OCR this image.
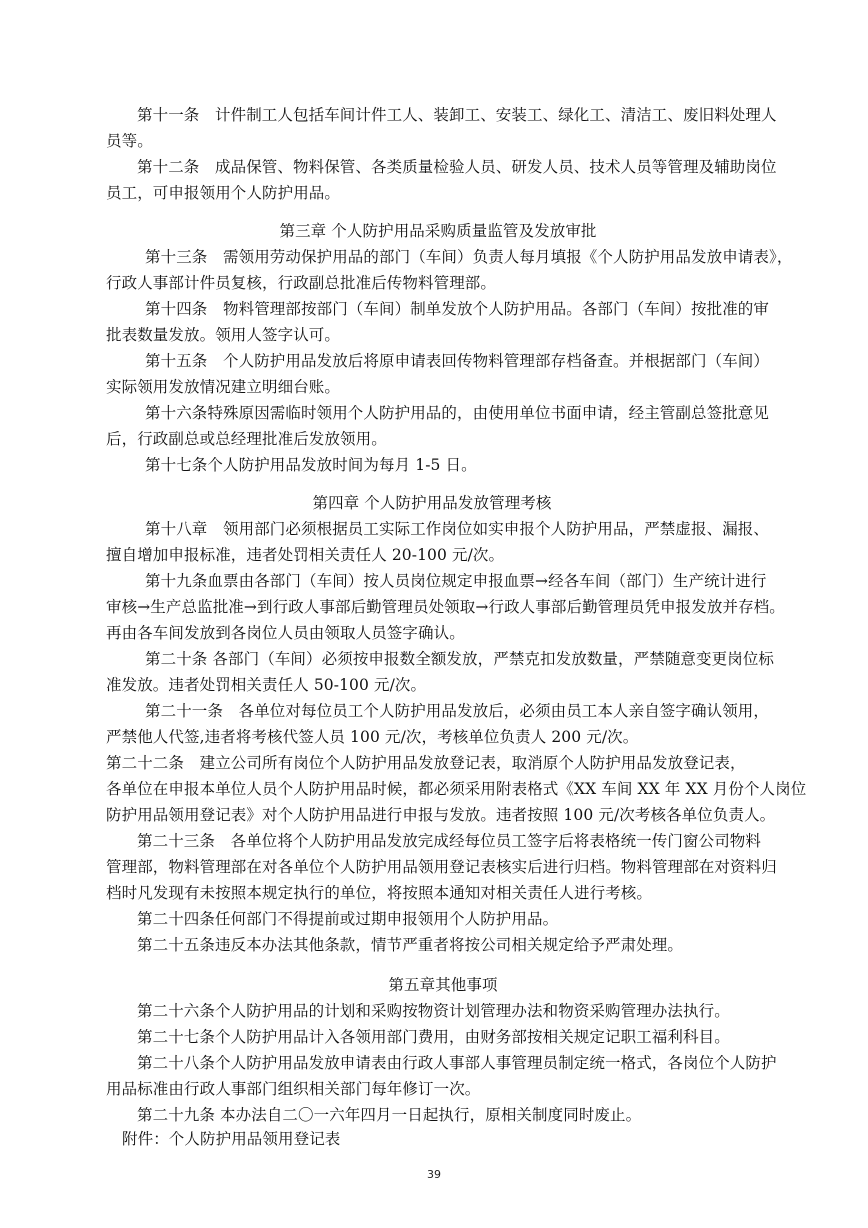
第十一条　计件制工人包括车间计件工人、装卸工、安装工、绿化工、清洁工、废旧料处理人
员等。
第十二条　成品保管、物料保管、各类质量检验人员、研发人员、技术人员等管理及辅助岗位
员工，可申报领用个人防护用品。
第三章 个人防护用品采购质量监管及发放审批
第十三条　需领用劳动保护用品的部门（车间）负责人每月填报《个人防护用品发放申请表》，
行政人事部计件员复核，行政副总批准后传物料管理部。
第十四条　物料管理部按部门（车间）制单发放个人防护用品。各部门（车间）按批准的审
批表数量发放。领用人签字认可。
第十五条　个人防护用品发放后将原申请表回传物料管理部存档备查。并根据部门（车间）
实际领用发放情况建立明细台账。
第十六条特殊原因需临时领用个人防护用品的，由使用单位书面申请，经主管副总签批意见
后，行政副总或总经理批准后发放领用。
第十七条个人防护用品发放时间为每月 1-5 日。
第四章 个人防护用品发放管理考核
第十八章　领用部门必须根据员工实际工作岗位如实申报个人防护用品，严禁虚报、漏报、
擅自增加申报标准，违者处罚相关责任人 20-100 元/次。
第十九条血票由各部门（车间）按人员岗位规定申报血票→经各车间（部门）生产统计进行
审核→生产总监批准→到行政人事部后勤管理员处领取→行政人事部后勤管理员凭申报发放并存档。
再由各车间发放到各岗位人员由领取人员签字确认。
第二十条 各部门（车间）必须按申报数全额发放，严禁克扣发放数量，严禁随意变更岗位标
准发放。违者处罚相关责任人 50-100 元/次。
第二十一条　各单位对每位员工个人防护用品发放后，必须由员工本人亲自签字确认领用，
严禁他人代签,违者将考核代签人员 100 元/次，考核单位负责人 200 元/次。
第二十二条　建立公司所有岗位个人防护用品发放登记表，取消原个人防护用品发放登记表，
各单位在申报本单位人员个人防护用品时候，都必须采用附表格式《XX 车间 XX 年 XX 月份个人岗位
防护用品领用登记表》对个人防护用品进行申报与发放。违者按照 100 元/次考核各单位负责人。
第二十三条　各单位将个人防护用品发放完成经每位员工签字后将表格统一传门窗公司物料
管理部，物料管理部在对各单位个人防护用品领用登记表核实后进行归档。物料管理部在对资料归
档时凡发现有未按照本规定执行的单位，将按照本通知对相关责任人进行考核。
第二十四条任何部门不得提前或过期申报领用个人防护用品。
第二十五条违反本办法其他条款，情节严重者将按公司相关规定给予严肃处理。
第五章其他事项
第二十六条个人防护用品的计划和采购按物资计划管理办法和物资采购管理办法执行。
第二十七条个人防护用品计入各领用部门费用，由财务部按相关规定记职工福利科目。
第二十八条个人防护用品发放申请表由行政人事部人事管理员制定统一格式，各岗位个人防护
用品标准由行政人事部门组织相关部门每年修订一次。
第二十九条 本办法自二〇一六年四月一日起执行，原相关制度同时废止。
附件：个人防护用品领用登记表
39
